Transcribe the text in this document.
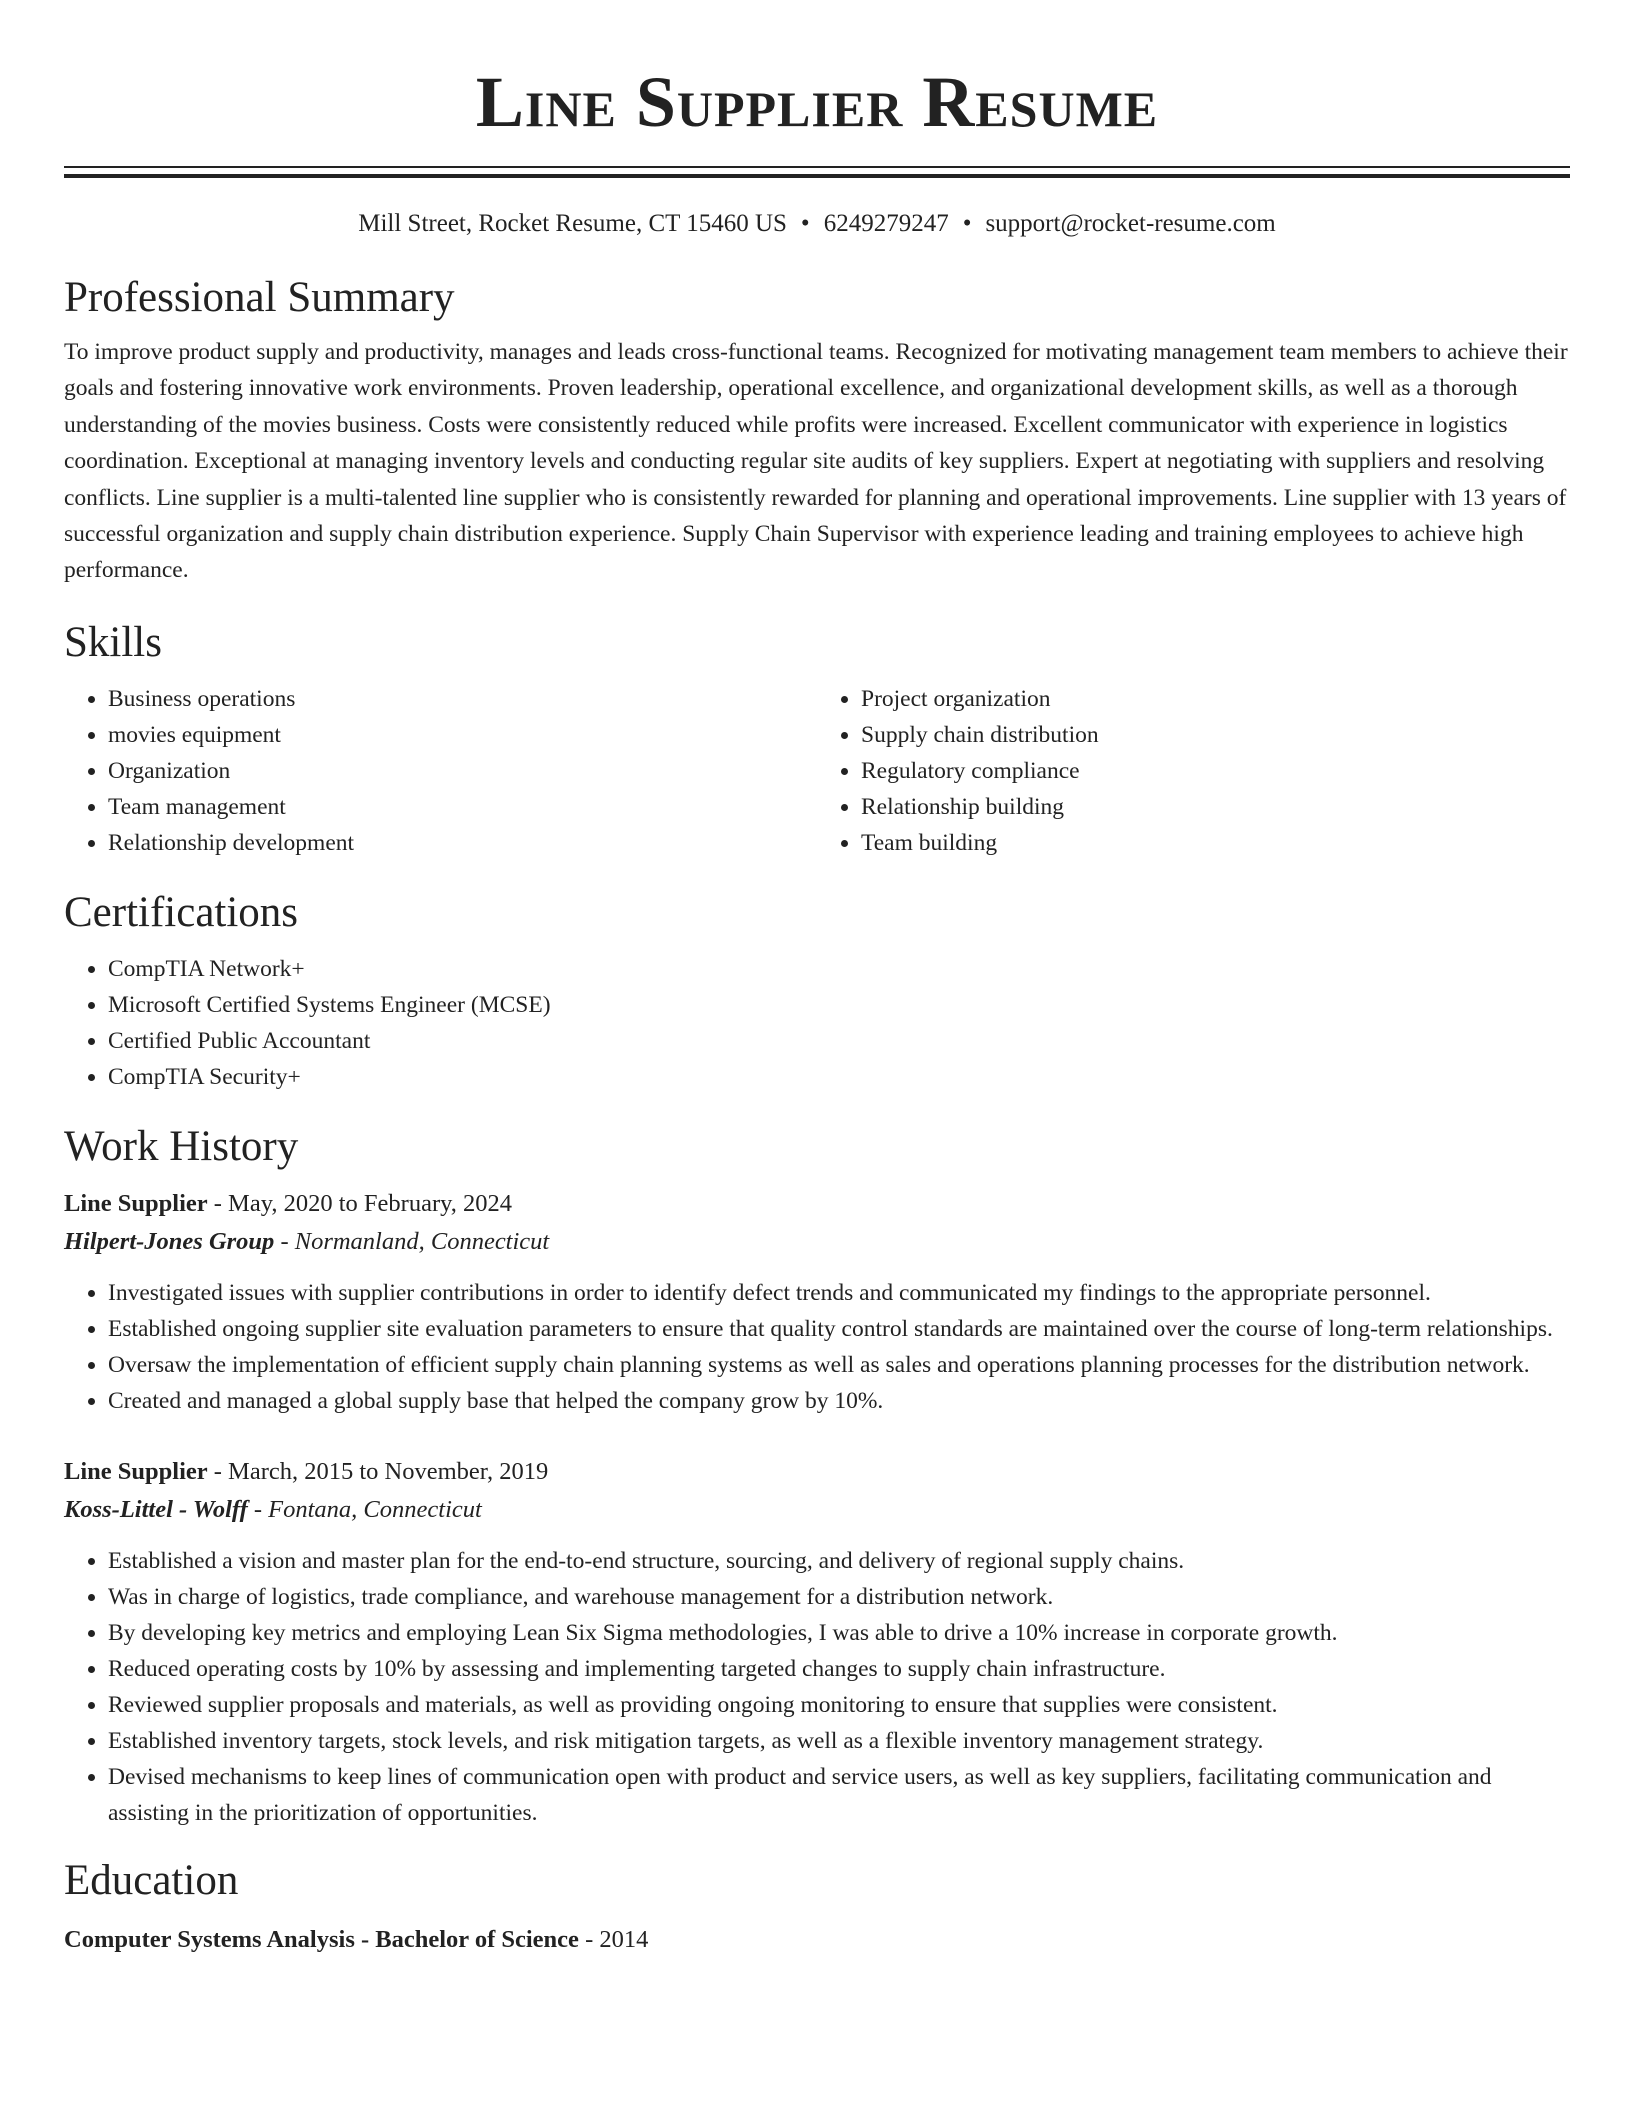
Line Supplier Resume
Mill Street, Rocket Resume, CT 15460 US • 6249279247 • support@rocket-resume.com
Professional Summary

To improve product supply and productivity, manages and leads cross-functional teams. Recognized for motivating management team members to achieve their goals and fostering innovative work environments. Proven leadership, operational excellence, and organizational development skills, as well as a thorough understanding of the movies business. Costs were consistently reduced while profits were increased. Excellent communicator with experience in logistics coordination. Exceptional at managing inventory levels and conducting regular site audits of key suppliers. Expert at negotiating with suppliers and resolving conflicts. Line supplier is a multi-talented line supplier who is consistently rewarded for planning and operational improvements. Line supplier with 13 years of successful organization and supply chain distribution experience. Supply Chain Supervisor with experience leading and training employees to achieve high performance.

Skills
• Business operations
• movies equipment
• Organization
• Team management
• Relationship development
• Project organization
• Supply chain distribution
• Regulatory compliance
• Relationship building
• Team building
Certifications
• CompTIA Network+
• Microsoft Certified Systems Engineer (MCSE)
• Certified Public Accountant
• CompTIA Security+
Work History
Line Supplier - May, 2020 to February, 2024
Hilpert-Jones Group - Normanland, Connecticut
• Investigated issues with supplier contributions in order to identify defect trends and communicated my findings to the appropriate personnel.
• Established ongoing supplier site evaluation parameters to ensure that quality control standards are maintained over the course of long-term relationships.
• Oversaw the implementation of efficient supply chain planning systems as well as sales and operations planning processes for the distribution network.
• Created and managed a global supply base that helped the company grow by 10%.
Line Supplier - March, 2015 to November, 2019
Koss-Littel - Wolff - Fontana, Connecticut
• Established a vision and master plan for the end-to-end structure, sourcing, and delivery of regional supply chains.
• Was in charge of logistics, trade compliance, and warehouse management for a distribution network.
• By developing key metrics and employing Lean Six Sigma methodologies, I was able to drive a 10% increase in corporate growth.
• Reduced operating costs by 10% by assessing and implementing targeted changes to supply chain infrastructure.
• Reviewed supplier proposals and materials, as well as providing ongoing monitoring to ensure that supplies were consistent.
• Established inventory targets, stock levels, and risk mitigation targets, as well as a flexible inventory management strategy.
• Devised mechanisms to keep lines of communication open with product and service users, as well as key suppliers, facilitating communication and assisting in the prioritization of opportunities.
Education
Computer Systems Analysis - Bachelor of Science - 2014
